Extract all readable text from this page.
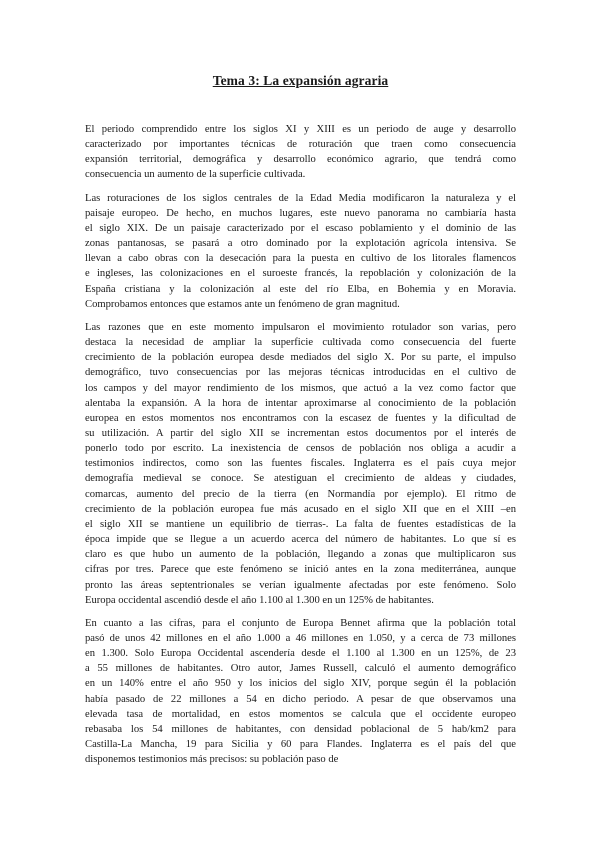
Tema 3: La expansión agraria

El periodo comprendido entre los siglos XI y XIII es un periodo de auge y desarrollo
caracterizado por importantes técnicas de roturación que traen como consecuencia
expansión territorial, demográfica y desarrollo económico agrario, que tendrá como
consecuencia un aumento de la superficie cultivada.

Las roturaciones de los siglos centrales de la Edad Media modificaron la naturaleza y el
paisaje europeo. De hecho, en muchos lugares, este nuevo panorama no cambiaría hasta
el siglo XIX. De un paisaje caracterizado por el escaso poblamiento y el dominio de las
zonas pantanosas, se pasará a otro dominado por la explotación agrícola intensiva. Se
llevan a cabo obras con la desecación para la puesta en cultivo de los litorales flamencos
e ingleses, las colonizaciones en el suroeste francés, la repoblación y colonización de la
España cristiana y la colonización al este del río Elba, en Bohemia y en Moravia.
Comprobamos entonces que estamos ante un fenómeno de gran magnitud.

Las razones que en este momento impulsaron el movimiento rotulador son varias, pero
destaca la necesidad de ampliar la superficie cultivada como consecuencia del fuerte
crecimiento de la población europea desde mediados del siglo X. Por su parte, el impulso
demográfico, tuvo consecuencias por las mejoras técnicas introducidas en el cultivo de
los campos y del mayor rendimiento de los mismos, que actuó a la vez como factor que
alentaba la expansión. A la hora de intentar aproximarse al conocimiento de la población
europea en estos momentos nos encontramos con la escasez de fuentes y la dificultad de
su utilización. A partir del siglo XII se incrementan estos documentos por el interés de
ponerlo todo por escrito. La inexistencia de censos de población nos obliga a acudir a
testimonios indirectos, como son las fuentes fiscales. Inglaterra es el país cuya mejor
demografía medieval se conoce. Se atestiguan el crecimiento de aldeas y ciudades,
comarcas, aumento del precio de la tierra (en Normandía por ejemplo). El ritmo de
crecimiento de la población europea fue más acusado en el siglo XII que en el XIII –en
el siglo XII se mantiene un equilibrio de tierras-. La falta de fuentes estadísticas de la
época impide que se llegue a un acuerdo acerca del número de habitantes. Lo que sí es
claro es que hubo un aumento de la población, llegando a zonas que multiplicaron sus
cifras por tres. Parece que este fenómeno se inició antes en la zona mediterránea, aunque
pronto las áreas septentrionales se verían igualmente afectadas por este fenómeno. Solo
Europa occidental ascendió desde el año 1.100 al 1.300 en un 125% de habitantes.

En cuanto a las cifras, para el conjunto de Europa Bennet afirma que la población total
pasó de unos 42 millones en el año 1.000 a 46 millones en 1.050, y a cerca de 73 millones
en 1.300. Solo Europa Occidental ascendería desde el 1.100 al 1.300 en un 125%, de 23
a 55 millones de habitantes. Otro autor, James Russell, calculó el aumento demográfico
en un 140% entre el año 950 y los inicios del siglo XIV, porque según él la población
había pasado de 22 millones a 54 en dicho periodo. A pesar de que observamos una
elevada tasa de mortalidad, en estos momentos se calcula que el occidente europeo
rebasaba los 54 millones de habitantes, con densidad poblacional de 5 hab/km2 para
Castilla-La Mancha, 19 para Sicilia y 60 para Flandes. Inglaterra es el país del que
disponemos testimonios más precisos: su población paso de
